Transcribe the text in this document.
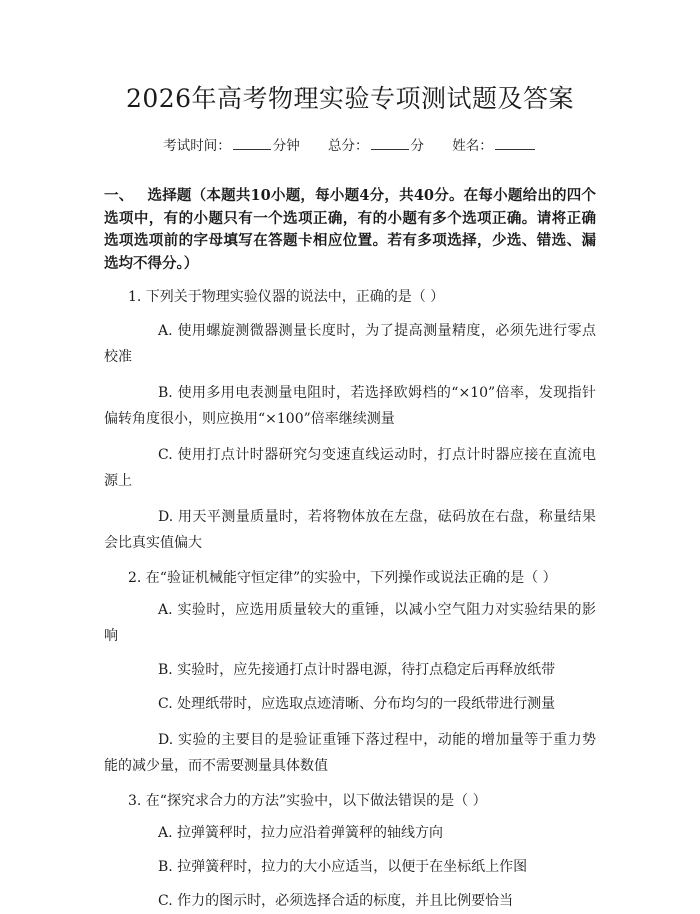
2026年高考物理实验专项测试题及答案
考试时间：	分钟 总分：	分 姓名：
一、 选择题（本题共10小题，每小题4分，共40分。在每小题给出的四个选项中，有的小题只有一个选项正确，有的小题有多个选项正确。请将正确选项选项前的字母填写在答题卡相应位置。若有多项选择，少选、错选、漏选均不得分。）
1. 下列关于物理实验仪器的说法中，正确的是（ ）
A. 使用螺旋测微器测量长度时，为了提高测量精度，必须先进行零点校准
B. 使用多用电表测量电阻时，若选择欧姆档的“×10”倍率，发现指针偏转角度很小，则应换用“×100”倍率继续测量
C. 使用打点计时器研究匀变速直线运动时，打点计时器应接在直流电源上
D. 用天平测量质量时，若将物体放在左盘，砝码放在右盘，称量结果会比真实值偏大
2. 在“验证机械能守恒定律”的实验中，下列操作或说法正确的是（ ）
A. 实验时，应选用质量较大的重锤，以减小空气阻力对实验结果的影响
B. 实验时，应先接通打点计时器电源，待打点稳定后再释放纸带
C. 处理纸带时，应选取点迹清晰、分布均匀的一段纸带进行测量
D. 实验的主要目的是验证重锤下落过程中，动能的增加量等于重力势能的减少量，而不需要测量具体数值
3. 在“探究求合力的方法”实验中，以下做法错误的是（ ）
A. 拉弹簧秤时，拉力应沿着弹簧秤的轴线方向
B. 拉弹簧秤时，拉力的大小应适当，以便于在坐标纸上作图
C. 作力的图示时，必须选择合适的标度，并且比例要恰当
